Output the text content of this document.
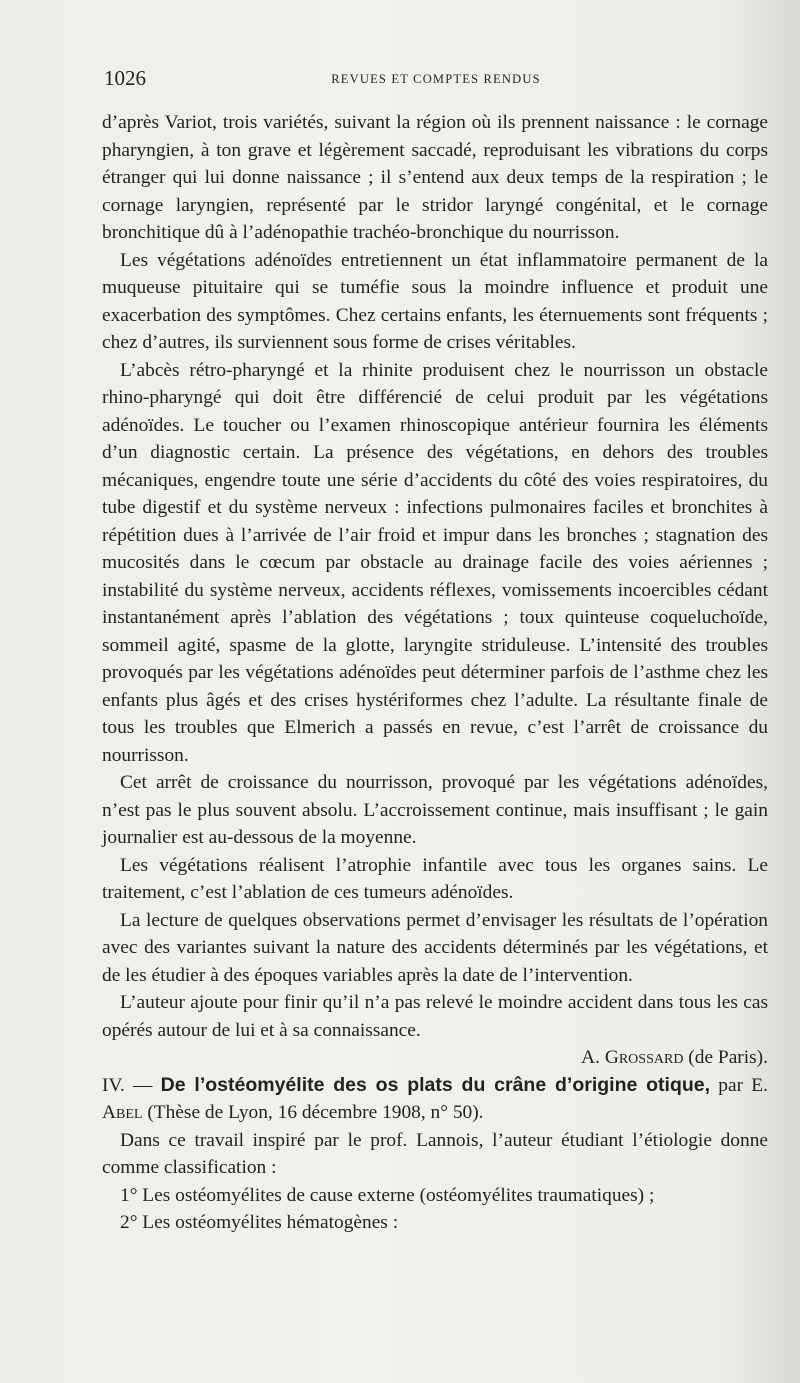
1026	REVUES ET COMPTES RENDUS

d’après Variot, trois variétés, suivant la région où ils prennent naissance : le cornage pharyngien, à ton grave et légèrement saccadé, reproduisant les vibrations du corps étranger qui lui donne naissance ; il s’entend aux deux temps de la respiration ; le cornage laryngien, représenté par le stridor laryngé congénital, et le cornage bronchitique dû à l’adénopathie trachéo-bronchique du nourrisson.

Les végétations adénoïdes entretiennent un état inflammatoire permanent de la muqueuse pituitaire qui se tuméfie sous la moindre influence et produit une exacerbation des symptômes. Chez certains enfants, les éternuements sont fréquents ; chez d’autres, ils surviennent sous forme de crises véritables.

L’abcès rétro-pharyngé et la rhinite produisent chez le nourrisson un obstacle rhino-pharyngé qui doit être différencié de celui produit par les végétations adénoïdes. Le toucher ou l’examen rhinoscopique antérieur fournira les éléments d’un diagnostic certain. La présence des végétations, en dehors des troubles mécaniques, engendre toute une série d’accidents du côté des voies respiratoires, du tube digestif et du système nerveux : infections pulmonaires faciles et bronchites à répétition dues à l’arrivée de l’air froid et impur dans les bronches ; stagnation des mucosités dans le cœcum par obstacle au drainage facile des voies aériennes ; instabilité du système nerveux, accidents réflexes, vomissements incoercibles cédant instantanément après l’ablation des végétations ; toux quinteuse coqueluchoïde, sommeil agité, spasme de la glotte, laryngite striduleuse. L’intensité des troubles provoqués par les végétations adénoïdes peut déterminer parfois de l’asthme chez les enfants plus âgés et des crises hystériformes chez l’adulte. La résultante finale de tous les troubles que Elmerich a passés en revue, c’est l’arrêt de croissance du nourrisson.

Cet arrêt de croissance du nourrisson, provoqué par les végétations adénoïdes, n’est pas le plus souvent absolu. L’accroissement continue, mais insuffisant ; le gain journalier est au-dessous de la moyenne.

Les végétations réalisent l’atrophie infantile avec tous les organes sains. Le traitement, c’est l’ablation de ces tumeurs adénoïdes.

La lecture de quelques observations permet d’envisager les résultats de l’opération avec des variantes suivant la nature des accidents déterminés par les végétations, et de les étudier à des époques variables après la date de l’intervention.

L’auteur ajoute pour finir qu’il n’a pas relevé le moindre accident dans tous les cas opérés autour de lui et à sa connaissance.

A. Grossard (de Paris).

IV. — De l’ostéomyélite des os plats du crâne d’origine otique, par E. Abel (Thèse de Lyon, 16 décembre 1908, n° 50).

Dans ce travail inspiré par le prof. Lannois, l’auteur étudiant l’étiologie donne comme classification :

1° Les ostéomyélites de cause externe (ostéomyélites traumatiques) ;

2° Les ostéomyélites hématogènes :
